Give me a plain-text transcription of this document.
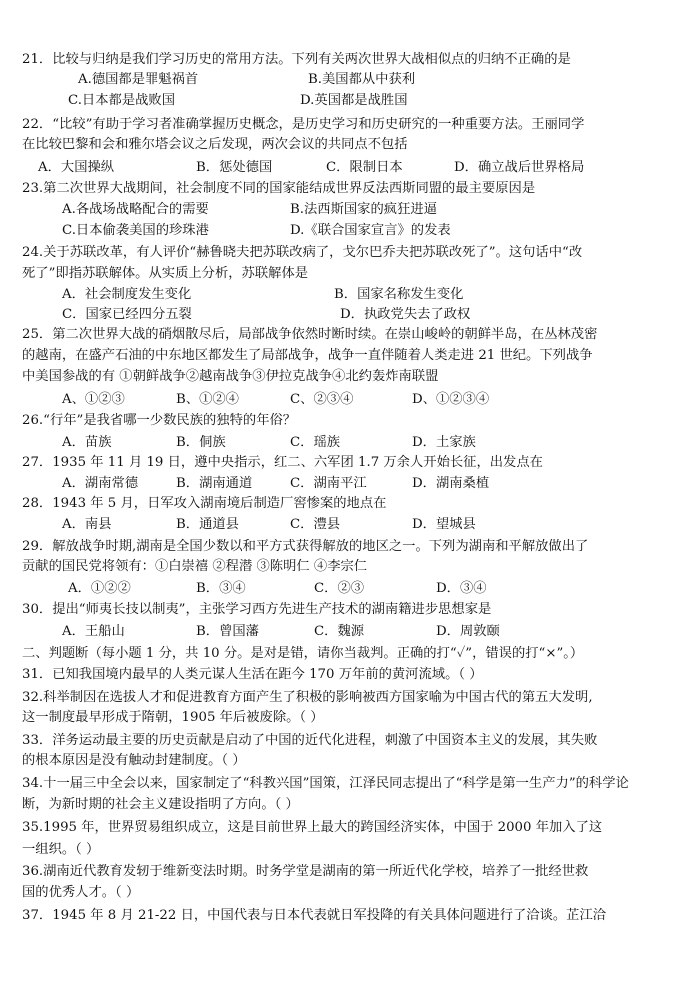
21．比较与归纳是我们学习历史的常用方法。下列有关两次世界大战相似点的归纳不正确的是
A.德国都是罪魁祸首	B.美国都从中获利
C.日本都是战败国	D.英国都是战胜国
22．“比较”有助于学习者准确掌握历史概念，是历史学习和历史研究的一种重要方法。王丽同学
在比较巴黎和会和雅尔塔会议之后发现，两次会议的共同点不包括
A．大国操纵	B．惩处德国	C．限制日本	D．确立战后世界格局
23.第二次世界大战期间，社会制度不同的国家能结成世界反法西斯同盟的最主要原因是
A.各战场战略配合的需要	B.法西斯国家的疯狂进逼
C.日本偷袭美国的珍珠港	D.《联合国家宣言》的发表
24.关于苏联改革，有人评价“赫鲁晓夫把苏联改病了，戈尔巴乔夫把苏联改死了”。这句话中“改
死了”即指苏联解体。从实质上分析，苏联解体是
A．社会制度发生变化	B．国家名称发生变化
C．国家已经四分五裂	D．执政党失去了政权
25．第二次世界大战的硝烟散尽后，局部战争依然时断时续。在崇山峻岭的朝鲜半岛，在丛林茂密
的越南，在盛产石油的中东地区都发生了局部战争，战争一直伴随着人类走进 21 世纪。下列战争
中美国参战的有 ①朝鲜战争②越南战争③伊拉克战争④北约轰炸南联盟
A、①②③	B、①②④	C、②③④	D、①②③④
26.“行年”是我省哪一少数民族的独特的年俗？
A．苗族	B．侗族	C．瑶族	D．土家族
27．1935 年 11 月 19 日，遵中央指示，红二、六军团 1.7 万余人开始长征，出发点在
A．湖南常德	B．湖南通道	C．湖南平江	D．湖南桑植
28．1943 年 5 月，日军攻入湖南境后制造厂窖惨案的地点在
A．南县	B．通道县	C．澧县	D．望城县
29．解放战争时期,湖南是全国少数以和平方式获得解放的地区之一。下列为湖南和平解放做出了
贡献的国民党将领有：①白崇禧 ②程潜 ③陈明仁 ④李宗仁
A．①②②	B．③④	C．②③	D．③④
30．提出“师夷长技以制夷”，主张学习西方先进生产技术的湖南籍进步思想家是
A．王船山	B．曾国藩	C．魏源	D．周敦颐
二、判题断（每小题 1 分，共 10 分。是对是错，请你当裁判。正确的打“✓”，错误的打“×”。）
31．已知我国境内最早的人类元谋人生活在距今 170 万年前的黄河流域。（ ）
32.科举制因在选拔人才和促进教育方面产生了积极的影响被西方国家喻为中国古代的第五大发明,
这一制度最早形成于隋朝，1905 年后被废除。（ ）
33．洋务运动最主要的历史贡献是启动了中国的近代化进程，刺激了中国资本主义的发展，其失败
的根本原因是没有触动封建制度。（ ）
34.十一届三中全会以来，国家制定了“科教兴国”国策，江泽民同志提出了“科学是第一生产力”的科学论
断，为新时期的社会主义建设指明了方向。（ ）
35.1995 年，世界贸易组织成立，这是目前世界上最大的跨国经济实体，中国于 2000 年加入了这
一组织。（ ）
36.湖南近代教育发轫于维新变法时期。时务学堂是湖南的第一所近代化学校，培养了一批经世救
国的优秀人才。（ ）
37．1945 年 8 月 21-22 日，中国代表与日本代表就日军投降的有关具体问题进行了洽谈。芷江洽
